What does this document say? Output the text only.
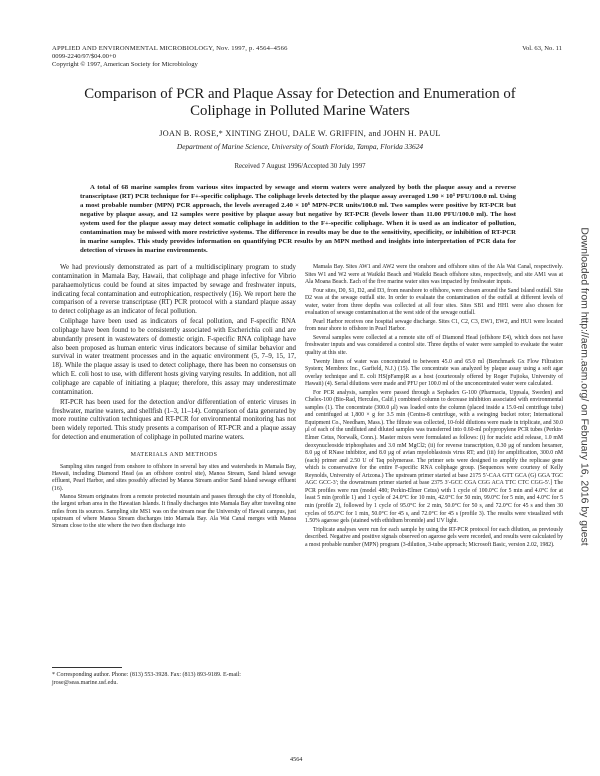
APPLIED AND ENVIRONMENTAL MICROBIOLOGY, Nov. 1997, p. 4564–4566
0099-2240/97/$04.00+0
Copyright © 1997, American Society for Microbiology
Vol. 63, No. 11
Comparison of PCR and Plaque Assay for Detection and Enumeration of Coliphage in Polluted Marine Waters
JOAN B. ROSE,* XINTING ZHOU, DALE W. GRIFFIN, and JOHN H. PAUL
Department of Marine Science, University of South Florida, Tampa, Florida 33624
Received 7 August 1996/Accepted 30 July 1997
A total of 68 marine samples from various sites impacted by sewage and storm waters were analyzed by both the plaque assay and a reverse transcriptase (RT) PCR technique for F+-specific coliphage. The coliphage levels detected by the plaque assay averaged 1.90 × 10³ PFU/100.0 ml. Using a most probable number (MPN) PCR approach, the levels averaged 2.40 × 10⁶ MPN-PCR units/100.0 ml. Two samples were positive by RT-PCR but negative by plaque assay, and 12 samples were positive by plaque assay but negative by RT-PCR (levels lower than 11.00 PFU/100.0 ml). The host system used for the plaque assay may detect somatic coliphage in addition to the F+-specific coliphage. When it is used as an indicator of pollution, contamination may be missed with more restrictive systems. The difference in results may be due to the sensitivity, specificity, or inhibition of RT-PCR in marine samples. This study provides information on quantifying PCR results by an MPN method and insights into interpretation of PCR data for detection of viruses in marine environments.

We had previously demonstrated as part of a multidisciplinary program to study contamination in Mamala Bay, Hawaii, that coliphage and phage infective for Vibrio parahaemolyticus could be found at sites impacted by sewage and freshwater inputs, indicating fecal contamination and eutrophication, respectively (16). We report here the comparison of a reverse transcriptase (RT) PCR protocol with a standard plaque assay to detect coliphage as an indicator of fecal pollution.

Coliphage have been used as indicators of fecal pollution, and F-specific RNA coliphage have been found to be consistently associated with Escherichia coli and are abundantly present in wastewaters of domestic origin. F-specific RNA coliphage have also been proposed as human enteric virus indicators because of similar behavior and survival in water treatment processes and in the aquatic environment (5, 7–9, 15, 17, 18). While the plaque assay is used to detect coliphage, there has been no consensus on which E. coli host to use, with different hosts giving varying results. In addition, not all coliphage are capable of initiating a plaque; therefore, this assay may underestimate contamination.

RT-PCR has been used for the detection and/or differentiation of enteric viruses in freshwater, marine waters, and shellfish (1–3, 11–14). Comparison of data generated by more routine cultivation techniques and RT-PCR for environmental monitoring has not been widely reported. This study presents a comparison of RT-PCR and a plaque assay for detection and enumeration of coliphage in polluted marine waters.

MATERIALS AND METHODS

Sampling sites ranged from onshore to offshore in several bay sites and watersheds in Mamala Bay, Hawaii, including Diamond Head (as an offshore control site), Manoa Stream, Sand Island sewage effluent, Pearl Harbor, and sites possibly affected by Manoa Stream and/or Sand Island sewage effluent (16).

Manoa Stream originates from a remote protected mountain and passes through the city of Honolulu, the largest urban area in the Hawaiian Islands. It finally discharges into Mamala Bay after traveling nine miles from its sources. Sampling site MS1 was on the stream near the University of Hawaii campus, just upstream of where Manoa Stream discharges into Mamala Bay. Ala Wai Canal merges with Manoa Stream close to the site where the two then discharge into

* Corresponding author. Phone: (813) 553-3928. Fax: (813) 893-9189. E-mail: jrose@seas.marine.usf.edu.

Mamala Bay. Sites AW1 and AW2 were the onshore and offshore sites of the Ala Wai Canal, respectively. Sites W1 and W2 were at Waikiki Beach and Waikiki Beach offshore sites, respectively, and site AM1 was at Ala Moana Beach. Each of the five marine water sites was impacted by freshwater inputs.

Four sites, D0, S1, D2, and D3, from nearshore to offshore, were chosen around the Sand Island outfall. Site D2 was at the sewage outfall site. In order to evaluate the contamination of the outfall at different levels of water, water from three depths was collected at all four sites. Sites SB1 and HH1 were also chosen for evaluation of sewage contamination at the west side of the sewage outfall.

Pearl Harbor receives one hospital sewage discharge. Sites C1, C2, C3, EW1, EW2, and HU1 were located from near shore to offshore in Pearl Harbor.

Several samples were collected at a remote site off of Diamond Head (offshore E4), which does not have freshwater inputs and was considered a control site. Three depths of water were sampled to evaluate the water quality at this site.

Twenty liters of water was concentrated to between 45.0 and 65.0 ml (Benchmark Gx Flow Filtration System; Membrex Inc., Garfield, N.J.) (15). The concentrate was analyzed by plaque assay using a soft agar overlay technique and E. coli HS(pFamp)R as a host (courteously offered by Roger Fujioka, University of Hawaii) (4). Serial dilutions were made and PFU per 100.0 ml of the unconcentrated water were calculated.

For PCR analysis, samples were passed through a Sephadex G-100 (Pharmacia, Uppsala, Sweden) and Chelex-100 (Bio-Rad, Hercules, Calif.) combined column to decrease inhibition associated with environmental samples (1). The concentrate (300.0 μl) was loaded onto the column (placed inside a 15.0-ml centrifuge tube) and centrifuged at 1,800 × g for 3.5 min (Centra-8 centrifuge, with a swinging bucket rotor; International Equipment Co., Needham, Mass.). The filtrate was collected, 10-fold dilutions were made in triplicate, and 30.0 μl of each of the undiluted and diluted samples was transferred into 0.60-ml polypropylene PCR tubes (Perkin-Elmer Cetus, Norwalk, Conn.). Master mixes were formulated as follows: (i) for nucleic acid release, 1.0 mM deoxynucleoside triphosphates and 3.0 mM MgCl2; (ii) for reverse transcription, 0.30 μg of random hexamer, 8.0 μg of RNase inhibitor, and 8.0 μg of avian myeloblastosis virus RT; and (iii) for amplification, 300.0 nM (each) primer and 2.50 U of Taq polymerase. The primer sets were designed to amplify the replicase gene which is conservative for the entire F-specific RNA coliphage group. (Sequences were courtesy of Kelly Reynolds, University of Arizona.) The upstream primer started at base 2175 5′-CAA GTT GCA (G) GGA TGC AGC GCC-3′; the downstream primer started at base 2375 3′-GCC CGA CGG ACA TTC CTC CGG-5′.] The PCR profiles were run (model 480; Perkin-Elmer Cetus) with 1 cycle of 100.0°C for 5 min and 4.0°C for at least 5 min (profile 1) and 1 cycle of 24.0°C for 10 min, 42.0°C for 50 min, 99.0°C for 5 min, and 4.0°C for 5 min (profile 2), followed by 1 cycle of 95.0°C for 2 min, 50.0°C for 50 s, and 72.0°C for 45 s and then 30 cycles of 95.0°C for 1 min, 50.0°C for 45 s, and 72.0°C for 45 s (profile 3). The results were visualized with 1.50% agarose gels (stained with ethidium bromide) and UV light.

Triplicate analyses were run for each sample by using the RT-PCR protocol for each dilution, as previously described. Negative and positive signals observed on agarose gels were recorded, and results were calculated by a most probable number (MPN) program (3-dilution, 3-tube approach; Microsoft Basic, version 2.02, 1982).

4564
Downloaded from http://aem.asm.org/ on February 16, 2016 by guest
